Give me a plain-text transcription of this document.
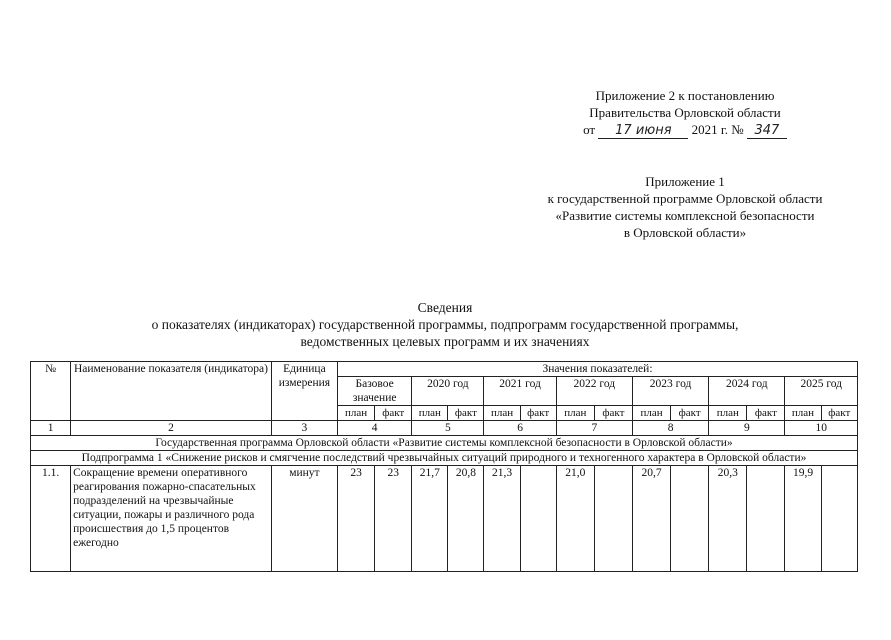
Приложение 2 к постановлению
Правительства Орловской области
от 17 июня 2021 г. № 347
Приложение 1
к государственной программе Орловской области
«Развитие системы комплексной безопасности
в Орловской области»
Сведения
о показателях (индикаторах) государственной программы, подпрограмм государственной программы,
ведомственных целевых программ и их значениях
№	Наименование показателя (индикатора)	Единица измерения	Значения показателей:													
			Базовое значение		2020 год		2021 год		2022 год		2023 год		2024 год		2025 год	
			план	факт	план	факт	план	факт	план	факт	план	факт	план	факт	план	факт
1	2	3	4		5		6		7		8		9		10	
Государственная программа Орловской области «Развитие системы комплексной безопасности в Орловской области»																
Подпрограмма 1 «Снижение рисков и смягчение последствий чрезвычайных ситуаций природного и техногенного характера в Орловской области»																
1.1.	Сокращение времени оперативного реагирования пожарно-спасательных подразделений на чрезвычайные ситуации, пожары и различного рода происшествия до 1,5 процентов ежегодно	минут	23	23	21,7	20,8	21,3		21,0		20,7		20,3		19,9	
